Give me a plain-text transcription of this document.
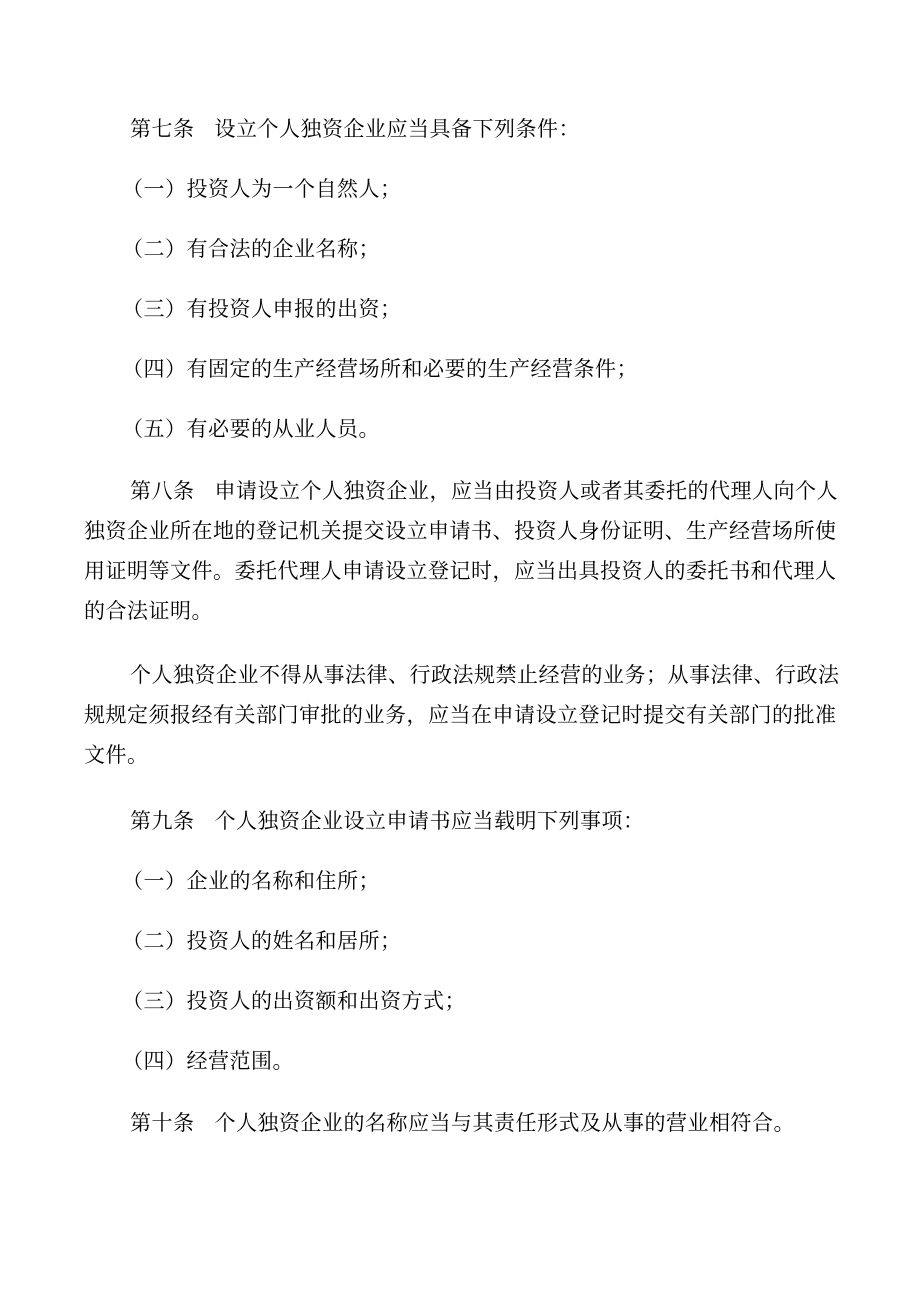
第七条 设立个人独资企业应当具备下列条件：
（一）投资人为一个自然人；
（二）有合法的企业名称；
（三）有投资人申报的出资；
（四）有固定的生产经营场所和必要的生产经营条件；
（五）有必要的从业人员。
第八条 申请设立个人独资企业，应当由投资人或者其委托的代理人向个人
独资企业所在地的登记机关提交设立申请书、投资人身份证明、生产经营场所使
用证明等文件。委托代理人申请设立登记时，应当出具投资人的委托书和代理人
的合法证明。
个人独资企业不得从事法律、行政法规禁止经营的业务；从事法律、行政法
规规定须报经有关部门审批的业务，应当在申请设立登记时提交有关部门的批准
文件。
第九条 个人独资企业设立申请书应当载明下列事项：
（一）企业的名称和住所；
（二）投资人的姓名和居所；
（三）投资人的出资额和出资方式；
（四）经营范围。
第十条 个人独资企业的名称应当与其责任形式及从事的营业相符合。
